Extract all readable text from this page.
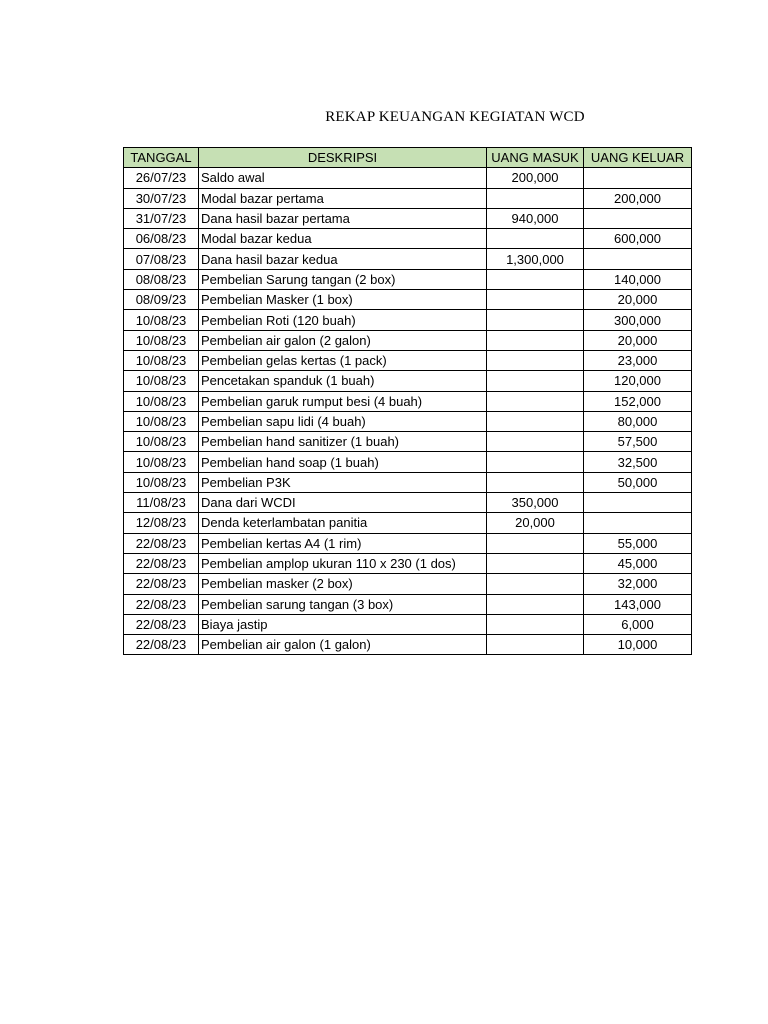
REKAP KEUANGAN KEGIATAN WCD
TANGGAL	DESKRIPSI	UANG MASUK	UANG KELUAR
26/07/23	Saldo awal	200,000	
30/07/23	Modal bazar pertama		200,000
31/07/23	Dana hasil bazar pertama	940,000	
06/08/23	Modal bazar kedua		600,000
07/08/23	Dana hasil bazar kedua	1,300,000	
08/08/23	Pembelian Sarung tangan (2 box)		140,000
08/09/23	Pembelian Masker (1 box)		20,000
10/08/23	Pembelian Roti (120 buah)		300,000
10/08/23	Pembelian air galon (2 galon)		20,000
10/08/23	Pembelian gelas kertas (1 pack)		23,000
10/08/23	Pencetakan spanduk (1 buah)		120,000
10/08/23	Pembelian garuk rumput besi (4 buah)		152,000
10/08/23	Pembelian sapu lidi (4 buah)		80,000
10/08/23	Pembelian hand sanitizer (1 buah)		57,500
10/08/23	Pembelian hand soap (1 buah)		32,500
10/08/23	Pembelian P3K		50,000
11/08/23	Dana dari WCDI	350,000	
12/08/23	Denda keterlambatan panitia	20,000	
22/08/23	Pembelian kertas A4 (1 rim)		55,000
22/08/23	Pembelian amplop ukuran 110 x 230 (1 dos)		45,000
22/08/23	Pembelian masker (2 box)		32,000
22/08/23	Pembelian sarung tangan (3 box)		143,000
22/08/23	Biaya jastip		6,000
22/08/23	Pembelian air galon (1 galon)		10,000
